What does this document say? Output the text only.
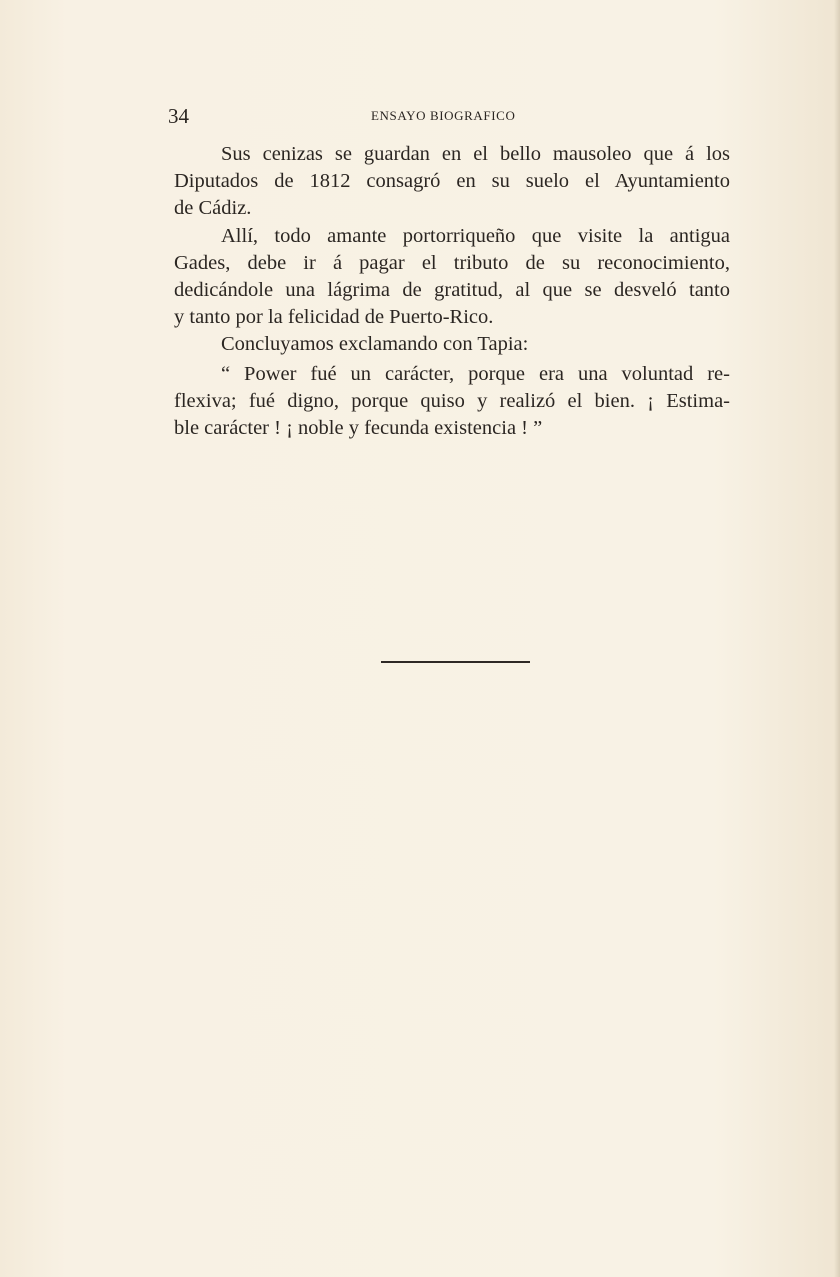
34	ENSAYO BIOGRAFICO
Sus cenizas se guardan en el bello mausoleo que á los
Diputados de 1812 consagró en su suelo el Ayuntamiento
de Cádiz.
Allí, todo amante portorriqueño que visite la antigua
Gades, debe ir á pagar el tributo de su reconocimiento,
dedicándole una lágrima de gratitud, al que se desveló tanto
y tanto por la felicidad de Puerto-Rico.
Concluyamos exclamando con Tapia:
“ Power fué un carácter, porque era una voluntad re-
flexiva; fué digno, porque quiso y realizó el bien. ¡ Estima-
ble carácter ! ¡ noble y fecunda existencia ! ”
